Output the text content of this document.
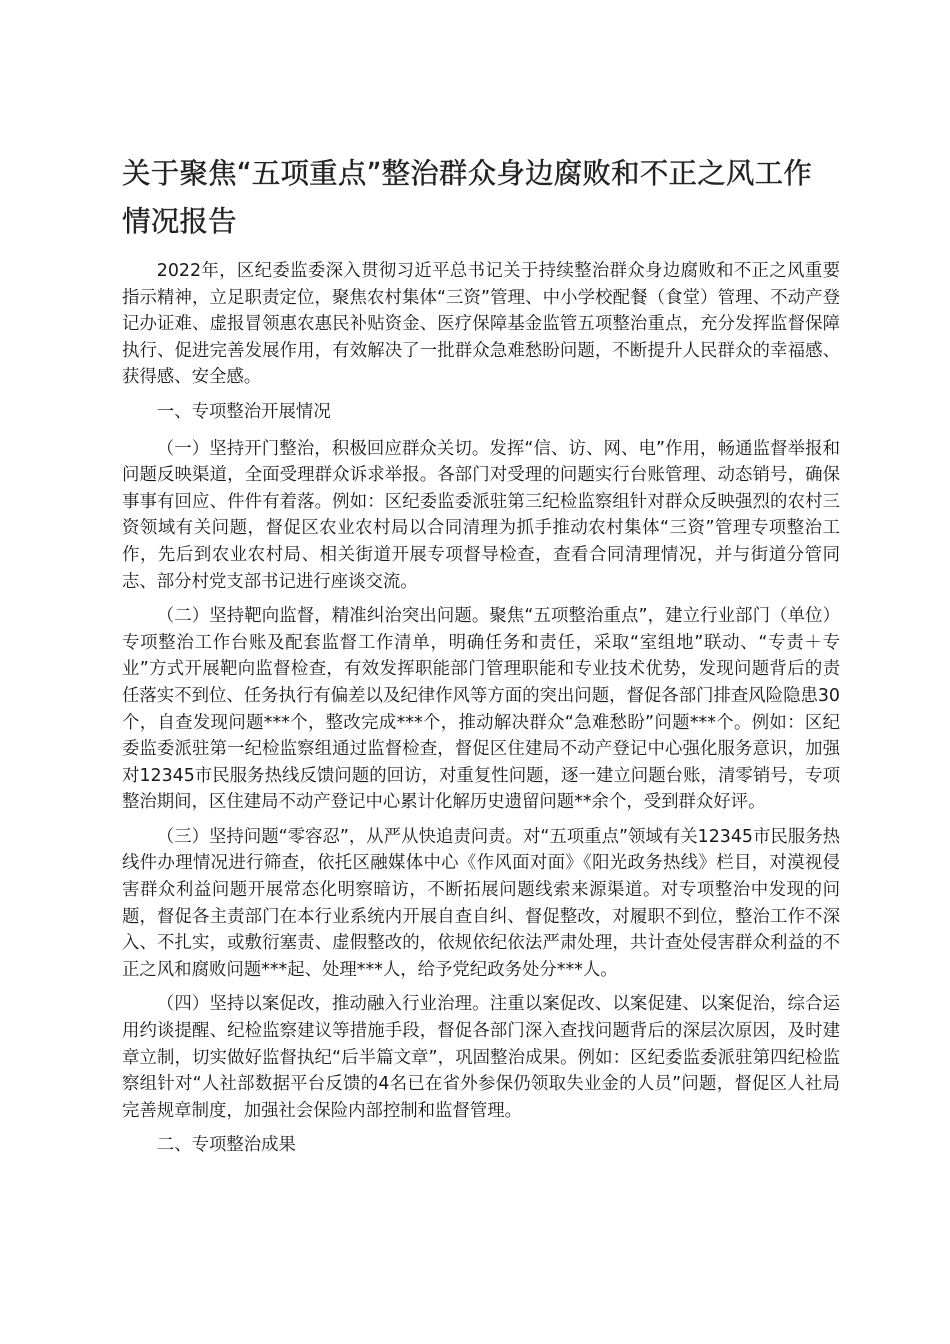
关于聚焦“五项重点”整治群众身边腐败和不正之风工作情况报告

2022年，区纪委监委深入贯彻习近平总书记关于持续整治群众身边腐败和不正之风重要指示精神，立足职责定位，聚焦农村集体“三资”管理、中小学校配餐（食堂）管理、不动产登记办证难、虚报冒领惠农惠民补贴资金、医疗保障基金监管五项整治重点，充分发挥监督保障执行、促进完善发展作用，有效解决了一批群众急难愁盼问题，不断提升人民群众的幸福感、获得感、安全感。

一、专项整治开展情况

（一）坚持开门整治，积极回应群众关切。发挥“信、访、网、电”作用，畅通监督举报和问题反映渠道，全面受理群众诉求举报。各部门对受理的问题实行台账管理、动态销号，确保事事有回应、件件有着落。例如：区纪委监委派驻第三纪检监察组针对群众反映强烈的农村三资领域有关问题，督促区农业农村局以合同清理为抓手推动农村集体“三资”管理专项整治工作，先后到农业农村局、相关街道开展专项督导检查，查看合同清理情况，并与街道分管同志、部分村党支部书记进行座谈交流。

（二）坚持靶向监督，精准纠治突出问题。聚焦“五项整治重点”，建立行业部门（单位）专项整治工作台账及配套监督工作清单，明确任务和责任，采取“室组地”联动、“专责＋专业”方式开展靶向监督检查，有效发挥职能部门管理职能和专业技术优势，发现问题背后的责任落实不到位、任务执行有偏差以及纪律作风等方面的突出问题，督促各部门排查风险隐患30个，自查发现问题***个，整改完成***个，推动解决群众“急难愁盼”问题***个。例如：区纪委监委派驻第一纪检监察组通过监督检查，督促区住建局不动产登记中心强化服务意识，加强对12345市民服务热线反馈问题的回访，对重复性问题，逐一建立问题台账，清零销号，专项整治期间，区住建局不动产登记中心累计化解历史遗留问题**余个，受到群众好评。

（三）坚持问题“零容忍”，从严从快追责问责。对“五项重点”领域有关12345市民服务热线件办理情况进行筛查，依托区融媒体中心《作风面对面》《阳光政务热线》栏目，对漠视侵害群众利益问题开展常态化明察暗访，不断拓展问题线索来源渠道。对专项整治中发现的问题，督促各主责部门在本行业系统内开展自查自纠、督促整改，对履职不到位，整治工作不深入、不扎实，或敷衍塞责、虚假整改的，依规依纪依法严肃处理，共计查处侵害群众利益的不正之风和腐败问题***起、处理***人，给予党纪政务处分***人。

（四）坚持以案促改，推动融入行业治理。注重以案促改、以案促建、以案促治，综合运用约谈提醒、纪检监察建议等措施手段，督促各部门深入查找问题背后的深层次原因，及时建章立制，切实做好监督执纪“后半篇文章”，巩固整治成果。例如：区纪委监委派驻第四纪检监察组针对“人社部数据平台反馈的4名已在省外参保仍领取失业金的人员”问题，督促区人社局完善规章制度，加强社会保险内部控制和监督管理。

二、专项整治成果
